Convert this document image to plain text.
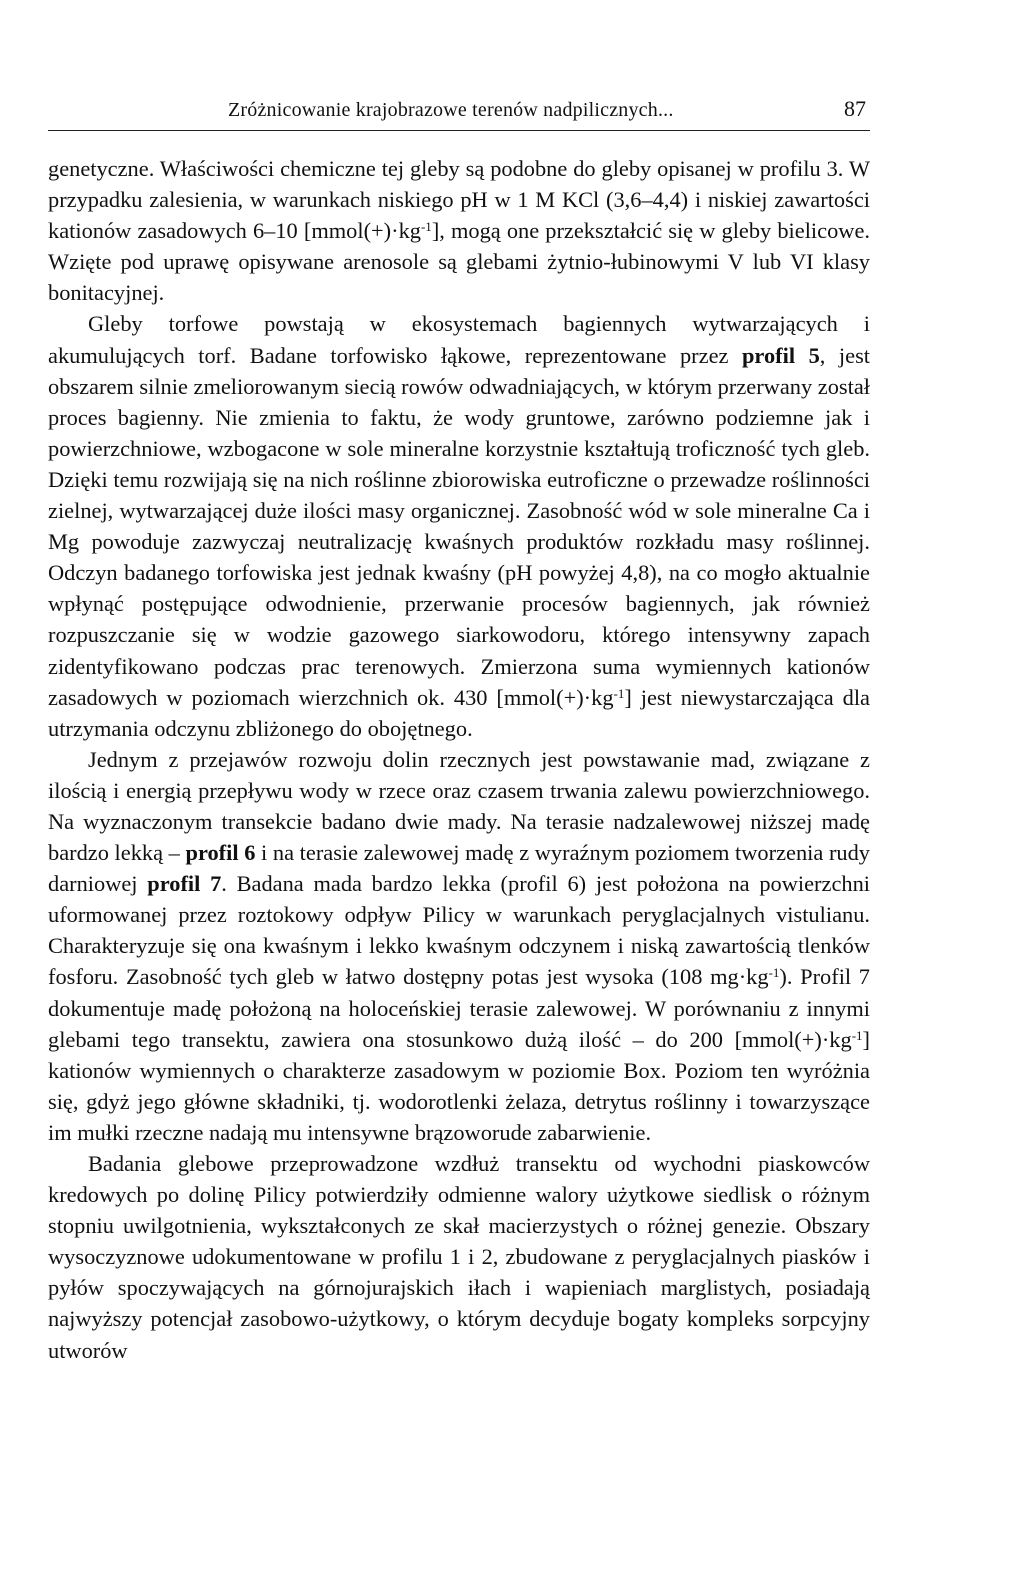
Zróżnicowanie krajobrazowe terenów nadpilicznych...	87

genetyczne. Właściwości chemiczne tej gleby są podobne do gleby opisanej w profilu 3. W przypadku zalesienia, w warunkach niskiego pH w 1 M KCl (3,6–4,4) i niskiej zawartości kationów zasadowych 6–10 $[mmol(+)\cdot kg^{-1}]$, mogą one przekształcić się w gleby bielicowe. Wzięte pod uprawę opisywane arenosole są glebami żytnio-łubinowymi V lub VI klasy bonitacyjnej.

Gleby torfowe powstają w ekosystemach bagiennych wytwarzających i akumulujących torf. Badane torfowisko łąkowe, reprezentowane przez profil 5, jest obszarem silnie zmeliorowanym siecią rowów odwadniających, w którym przerwany został proces bagienny. Nie zmienia to faktu, że wody gruntowe, zarówno podziemne jak i powierzchniowe, wzbogacone w sole mineralne korzystnie kształtują troficzność tych gleb. Dzięki temu rozwijają się na nich roślinne zbiorowiska eutroficzne o przewadze roślinności zielnej, wytwarzającej duże ilości masy organicznej. Zasobność wód w sole mineralne Ca i Mg powoduje zazwyczaj neutralizację kwaśnych produktów rozkładu masy roślinnej. Odczyn badanego torfowiska jest jednak kwaśny (pH powyżej 4,8), na co mogło aktualnie wpłynąć postępujące odwodnienie, przerwanie procesów bagiennych, jak również rozpuszczanie się w wodzie gazowego siarkowodoru, którego intensywny zapach zidentyfikowano podczas prac terenowych. Zmierzona suma wymiennych kationów zasadowych w poziomach wierzchnich ok. 430 $[mmol(+)\cdot kg^{-1}]$ jest niewystarczająca dla utrzymania odczynu zbliżonego do obojętnego.

Jednym z przejawów rozwoju dolin rzecznych jest powstawanie mad, związane z ilością i energią przepływu wody w rzece oraz czasem trwania zalewu powierzchniowego. Na wyznaczonym transekcie badano dwie mady. Na terasie nadzalewowej niższej madę bardzo lekką – profil 6 i na terasie zalewowej madę z wyraźnym poziomem tworzenia rudy darniowej profil 7. Badana mada bardzo lekka (profil 6) jest położona na powierzchni uformowanej przez roztokowy odpływ Pilicy w warunkach peryglacjalnych vistulianu. Charakteryzuje się ona kwaśnym i lekko kwaśnym odczynem i niską zawartością tlenków fosforu. Zasobność tych gleb w łatwo dostępny potas jest wysoka (108 $mg\cdot kg^{-1}$). Profil 7 dokumentuje madę położoną na holoceńskiej terasie zalewowej. W porównaniu z innymi glebami tego transektu, zawiera ona stosunkowo dużą ilość – do 200 $[mmol(+)\cdot kg^{-1}]$ kationów wymiennych o charakterze zasadowym w poziomie Box. Poziom ten wyróżnia się, gdyż jego główne składniki, tj. wodorotlenki żelaza, detrytus roślinny i towarzyszące im mułki rzeczne nadają mu intensywne brązoworude zabarwienie.

Badania glebowe przeprowadzone wzdłuż transektu od wychodni piaskowców kredowych po dolinę Pilicy potwierdziły odmienne walory użytkowe siedlisk o różnym stopniu uwilgotnienia, wykształconych ze skał macierzystych o różnej genezie. Obszary wysoczyznowe udokumentowane w profilu 1 i 2, zbudowane z peryglacjalnych piasków i pyłów spoczywających na górnojurajskich iłach i wapieniach marglistych, posiadają najwyższy potencjał zasobowo-użytkowy, o którym decyduje bogaty kompleks sorpcyjny utworów
